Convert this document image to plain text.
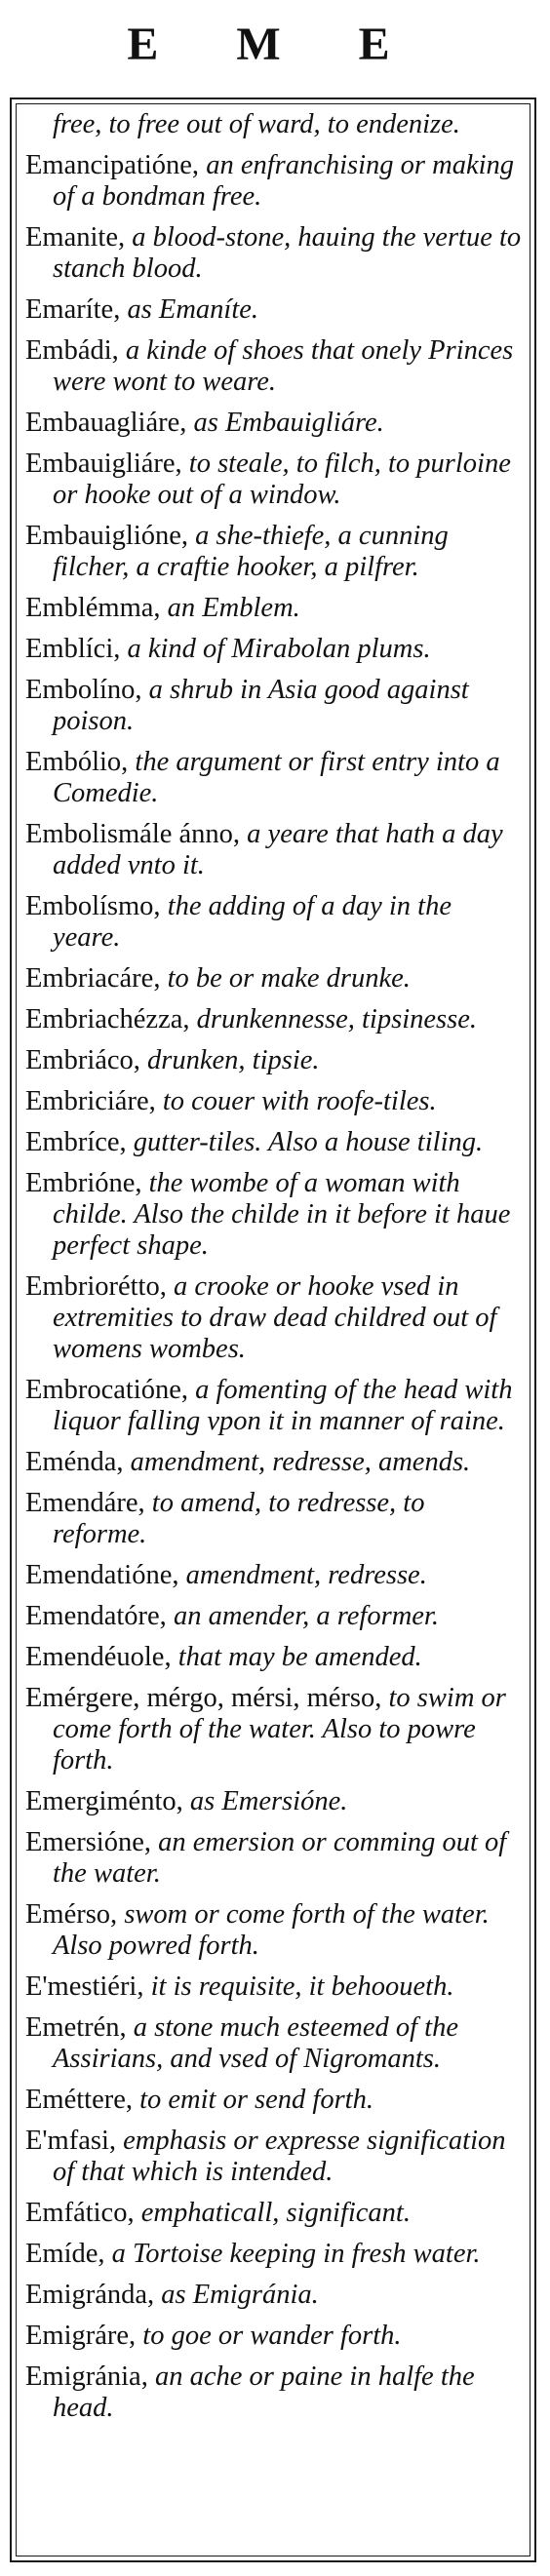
E M E
free, to free out of ward, to endenize.
Emancipatióne, an enfranchising or making of a bondman free.
Emanite, a blood-stone, hauing the vertue to stanch blood.
Emaríte, as Emaníte.
Embádi, a kinde of shoes that onely Princes were wont to weare.
Embauagliáre, as Embauigliáre.
Embauigliáre, to steale, to filch, to purloine or hooke out of a window.
Embauiglióne, a she-thiefe, a cunning filcher, a craftie hooker, a pilfrer.
Emblémma, an Emblem.
Emblíci, a kind of Mirabolan plums.
Embolíno, a shrub in Asia good against poison.
Embólio, the argument or first entry into a Comedie.
Embolismále ánno, a yeare that hath a day added vnto it.
Embolísmo, the adding of a day in the yeare.
Embriacáre, to be or make drunke.
Embriachézza, drunkennesse, tipsinesse.
Embriáco, drunken, tipsie.
Embriciáre, to couer with roofe-tiles.
Embríce, gutter-tiles. Also a house tiling.
Embrióne, the wombe of a woman with childe. Also the childe in it before it haue perfect shape.
Embriorétto, a crooke or hooke vsed in extremities to draw dead childred out of womens wombes.
Embrocatióne, a fomenting of the head with liquor falling vpon it in manner of raine.
Eménda, amendment, redresse, amends.
Emendáre, to amend, to redresse, to reforme.
Emendatióne, amendment, redresse.
Emendatóre, an amender, a reformer.
Emendéuole, that may be amended.
Emérgere, mérgo, mérsi, mérso, to swim or come forth of the water. Also to powre forth.
Emergiménto, as Emersióne.
Emersióne, an emersion or comming out of the water.
Emérso, swom or come forth of the water. Also powred forth.
E'mestiéri, it is requisite, it behooueth.
Emetrén, a stone much esteemed of the Assirians, and vsed of Nigromants.
Eméttere, to emit or send forth.
E'mfasi, emphasis or expresse signification of that which is intended.
Emfático, emphaticall, significant.
Emíde, a Tortoise keeping in fresh water.
Emigránda, as Emigránia.
Emigráre, to goe or wander forth.
Emigránia, an ache or paine in halfe the head.
